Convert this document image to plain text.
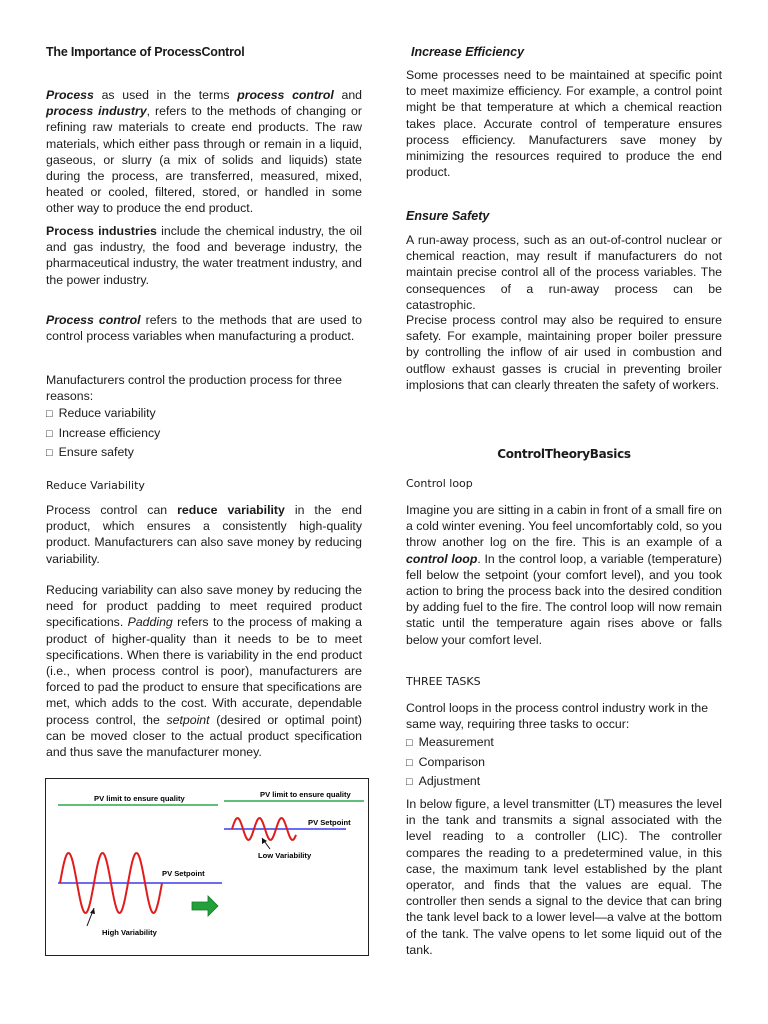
The Importance of ProcessControl

Process as used in the terms process control and process industry, refers to the methods of changing or refining raw materials to create end products. The raw materials, which either pass through or remain in a liquid, gaseous, or slurry (a mix of solids and liquids) state during the process, are transferred, measured, mixed, heated or cooled, filtered, stored, or handled in some other way to produce the end product.

Process industries include the chemical industry, the oil and gas industry, the food and beverage industry, the pharmaceutical industry, the water treatment industry, and the power industry.

Process control refers to the methods that are used to control process variables when manufacturing a product.

Manufacturers control the production process for three reasons:

□ Reduce variability
□ Increase efficiency
□ Ensure safety
Reduce Variability

Process control can reduce variability in the end product, which ensures a consistently high-quality product. Manufacturers can also save money by reducing variability.

Reducing variability can also save money by reducing the need for product padding to meet required product specifications. Padding refers to the process of making a product of higher-quality than it needs to be to meet specifications. When there is variability in the end product (i.e., when process control is poor), manufacturers are forced to pad the product to ensure that specifications are met, which adds to the cost. With accurate, dependable process control, the setpoint (desired or optimal point) can be moved closer to the actual product specification and thus save the manufacturer money.

PV limit to ensure quality
PV Setpoint
High Variability
PV limit to ensure quality
PV Setpoint
Low Variability
Increase Efficiency

Some processes need to be maintained at specific point to meet maximize efficiency. For example, a control point might be that temperature at which a chemical reaction takes place. Accurate control of temperature ensures process efficiency. Manufacturers save money by minimizing the resources required to produce the end product.

Ensure Safety

A run-away process, such as an out-of-control nuclear or chemical reaction, may result if manufacturers do not maintain precise control all of the process variables. The consequences of a run-away process can be catastrophic.

Precise process control may also be required to ensure safety. For example, maintaining proper boiler pressure by controlling the inflow of air used in combustion and outflow exhaust gasses is crucial in preventing broiler implosions that can clearly threaten the safety of workers.

ControlTheoryBasics
Control loop

Imagine you are sitting in a cabin in front of a small fire on a cold winter evening. You feel uncomfortably cold, so you throw another log on the fire. This is an example of a control loop. In the control loop, a variable (temperature) fell below the setpoint (your comfort level), and you took action to bring the process back into the desired condition by adding fuel to the fire. The control loop will now remain static until the temperature again rises above or falls below your comfort level.

THREE TASKS

Control loops in the process control industry work in the same way, requiring three tasks to occur:

□ Measurement
□ Comparison
□ Adjustment

In below figure, a level transmitter (LT) measures the level in the tank and transmits a signal associated with the level reading to a controller (LIC). The controller compares the reading to a predetermined value, in this case, the maximum tank level established by the plant operator, and finds that the values are equal. The controller then sends a signal to the device that can bring the tank level back to a lower level—a valve at the bottom of the tank. The valve opens to let some liquid out of the tank.
